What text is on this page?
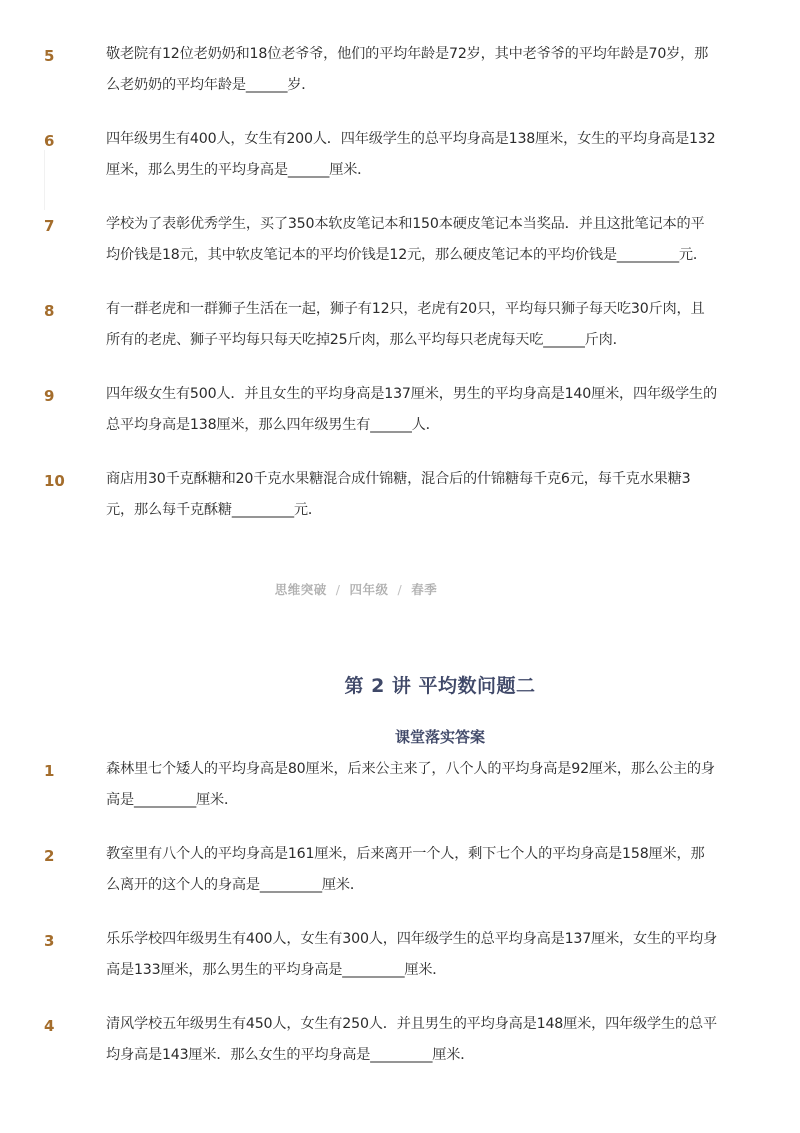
5	敬老院有12位老奶奶和18位老爷爷，他们的平均年龄是72岁，其中老爷爷的平均年龄是70岁，那么老奶奶的平均年龄是______岁．
6	四年级男生有400人，女生有200人．四年级学生的总平均身高是138厘米，女生的平均身高是132厘米，那么男生的平均身高是______厘米．
7	学校为了表彰优秀学生，买了350本软皮笔记本和150本硬皮笔记本当奖品．并且这批笔记本的平均价钱是18元，其中软皮笔记本的平均价钱是12元，那么硬皮笔记本的平均价钱是_________元．
8	有一群老虎和一群狮子生活在一起，狮子有12只，老虎有20只，平均每只狮子每天吃30斤肉，且所有的老虎、狮子平均每只每天吃掉25斤肉，那么平均每只老虎每天吃______斤肉．
9	四年级女生有500人．并且女生的平均身高是137厘米，男生的平均身高是140厘米，四年级学生的总平均身高是138厘米，那么四年级男生有______人．
10	商店用30千克酥糖和20千克水果糖混合成什锦糖，混合后的什锦糖每千克6元，每千克水果糖3元，那么每千克酥糖_________元．
思维突破 / 四年级 / 春季
第 2 讲 平均数问题二
课堂落实答案
1	森林里七个矮人的平均身高是80厘米，后来公主来了，八个人的平均身高是92厘米，那么公主的身高是_________厘米．
2	教室里有八个人的平均身高是161厘米，后来离开一个人，剩下七个人的平均身高是158厘米，那么离开的这个人的身高是_________厘米．
3	乐乐学校四年级男生有400人，女生有300人，四年级学生的总平均身高是137厘米，女生的平均身高是133厘米，那么男生的平均身高是_________厘米．
4	清风学校五年级男生有450人，女生有250人．并且男生的平均身高是148厘米，四年级学生的总平均身高是143厘米．那么女生的平均身高是_________厘米．
